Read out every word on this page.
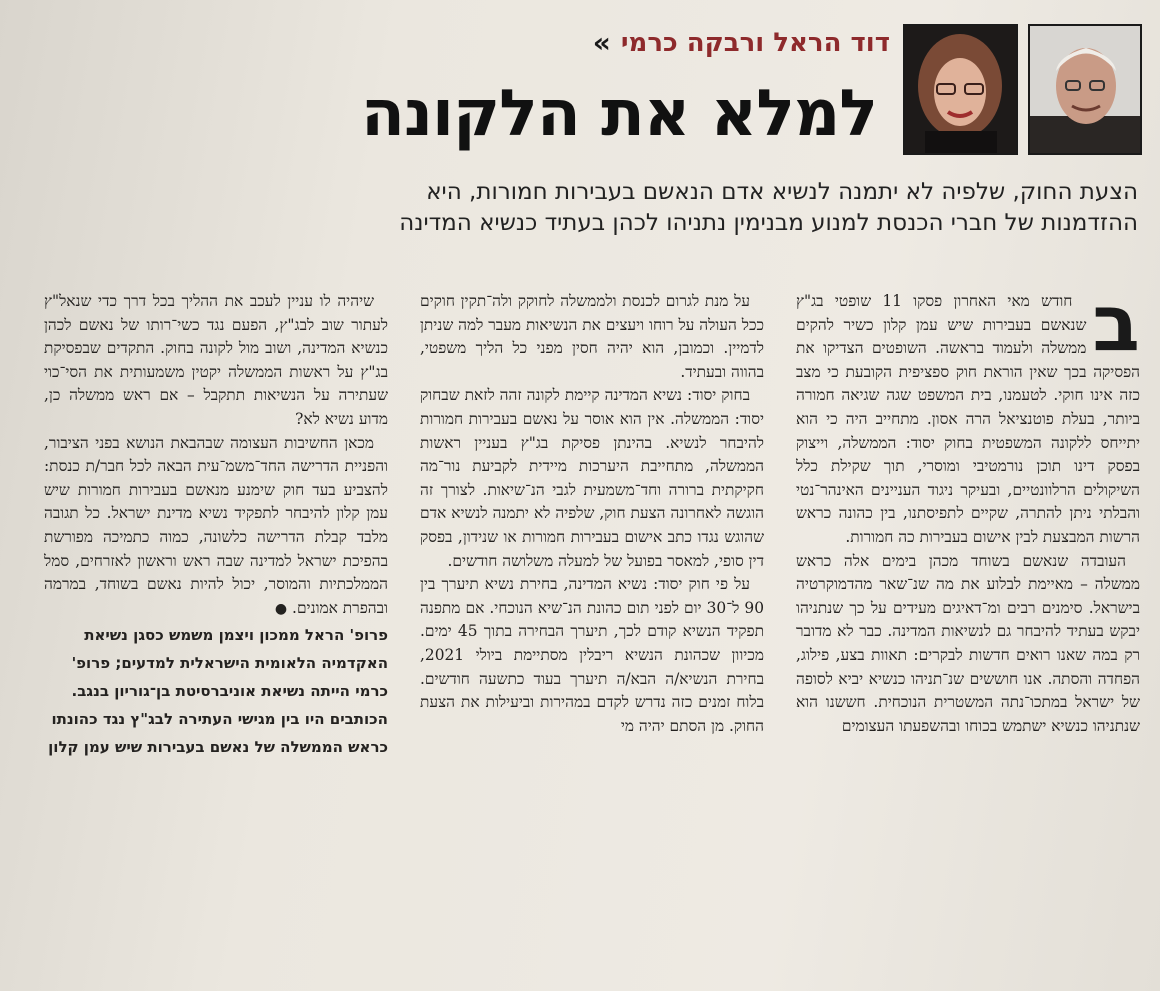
דוד הראל ורבקה כרמי
»
למלא את הלקונה
הצעת החוק, שלפיה לא יתמנה לנשיא אדם הנאשם בעבירות חמורות, היא
ההזדמנות של חברי הכנסת למנוע מבנימין נתניהו לכהן בעתיד כנשיא המדינה
ב

חודש מאי האחרון פסקו 11 שופטי בג"ץ שנאשם בעבירות שיש עמן קלון כשיר להקים ממשלה ולעמוד בראשה. השופטים הצדיקו את הפסיקה בכך שאין הוראת חוק ספציפית הקובעת כי מצב כזה אינו חוקי. לטעמנו, בית המשפט שגה שגיאה חמורה ביותר, בעלת פוטנציאל הרה אסון. מתחייב היה כי הוא יתייחס ללקונה המשפטית בחוק יסוד: הממשלה, וייצוק בפסק דינו תוכן נורמטיבי ומוסרי, תוך שקילת כלל השיקולים הרלוונטיים, ובעיקר ניגוד העניינים האינהר־נטי והבלתי ניתן להתרה, שקיים לתפיסתנו, בין כהונה כראש הרשות המבצעת לבין אישום בעבירות כה חמורות.

העובדה שנאשם בשוחד מכהן בימים אלה כראש ממשלה – מאיימת לבלוע את מה שנ־שאר מהדמוקרטיה בישראל. סימנים רבים ומ־דאיגים מעידים על כך שנתניהו יבקש בעתיד להיבחר גם לנשיאות המדינה. כבר לא מדובר רק במה שאנו רואים חדשות לבקרים: תאוות בצע, פילוג, הפחדה והסתה. אנו חוששים שנ־תניהו כנשיא יביא לסופה של ישראל במתכו־נתה המשטרית הנוכחית. חששנו הוא שנתניהו כנשיא ישתמש בכוחו ובהשפעתו העצומים

על מנת לגרום לכנסת ולממשלה לחוקק ולה־תקין חוקים ככל העולה על רוחו ויעצים את הנשיאות מעבר למה שניתן לדמיין. וכמובן, הוא יהיה חסין מפני כל הליך משפטי, בהווה ובעתיד.

בחוק יסוד: נשיא המדינה קיימת לקונה זהה לזאת שבחוק יסוד: הממשלה. אין הוא אוסר על נאשם בעבירות חמורות להיבחר לנשיא. בהינתן פסיקת בג"ץ בעניין ראשות הממשלה, מתחייבת היערכות מיידית לקביעת נור־מה חקיקתית ברורה וחד־משמעית לגבי הנ־שיאות. לצורך זה הוגשה לאחרונה הצעת חוק, שלפיה לא יתמנה לנשיא אדם שהוגש נגדו כתב אישום בעבירות חמורות או שנידון, בפסק דין סופי, למאסר בפועל של למעלה משלושה חודשים.

על פי חוק יסוד: נשיא המדינה, בחירת נשיא תיערך בין 90 ל־30 יום לפני תום כהונת הנ־שיא הנוכחי. אם מתפנה תפקיד הנשיא קודם לכך, תיערך הבחירה בתוך 45 ימים. מכיוון שכהונת הנשיא ריבלין מסתיימת ביולי 2021, בחירת הנשיא/ה הבא/ה תיערך בעוד כתשעה חודשים. בלוח זמנים כזה נדרש לקדם במהירות וביעילות את הצעת החוק. מן הסתם יהיה מי

שיהיה לו עניין לעכב את ההליך בכל דרך כדי שנאל"ץ לעתור שוב לבג"ץ, הפעם נגד כשי־רותו של נאשם לכהן כנשיא המדינה, ושוב מול לקונה בחוק. התקדים שבפסיקת בג"ץ על ראשות הממשלה יקטין משמעותית את הסי־כוי שעתירה על הנשיאות תתקבל – אם ראש ממשלה כן, מדוע נשיא לא?

מכאן החשיבות העצומה שבהבאת הנושא בפני הציבור, והפניית הדרישה החד־משמ־עית הבאה לכל חבר/ת כנסת: להצביע בעד חוק שימנע מנאשם בעבירות חמורות שיש עמן קלון להיבחר לתפקיד נשיא מדינת ישראל. כל תגובה מלבד קבלת הדרישה כלשונה, כמוה כתמיכה מפורשת בהפיכת ישראל למדינה שבה ראש וראשון לאזרחים, סמל הממלכתיות והמוסר, יכול להיות נאשם בשוחד, במרמה ובהפרת אמונים. ●

פרופ' הראל ממכון ויצמן משמש כסגן נשיאת האקדמיה הלאומית הישראלית למדעים; פרופ' כרמי הייתה נשיאת אוניברסיטת בן־גוריון בנגב. הכותבים היו בין מגישי העתירה לבג"ץ נגד כהונתו כראש הממשלה של נאשם בעבירות שיש עמן קלון
